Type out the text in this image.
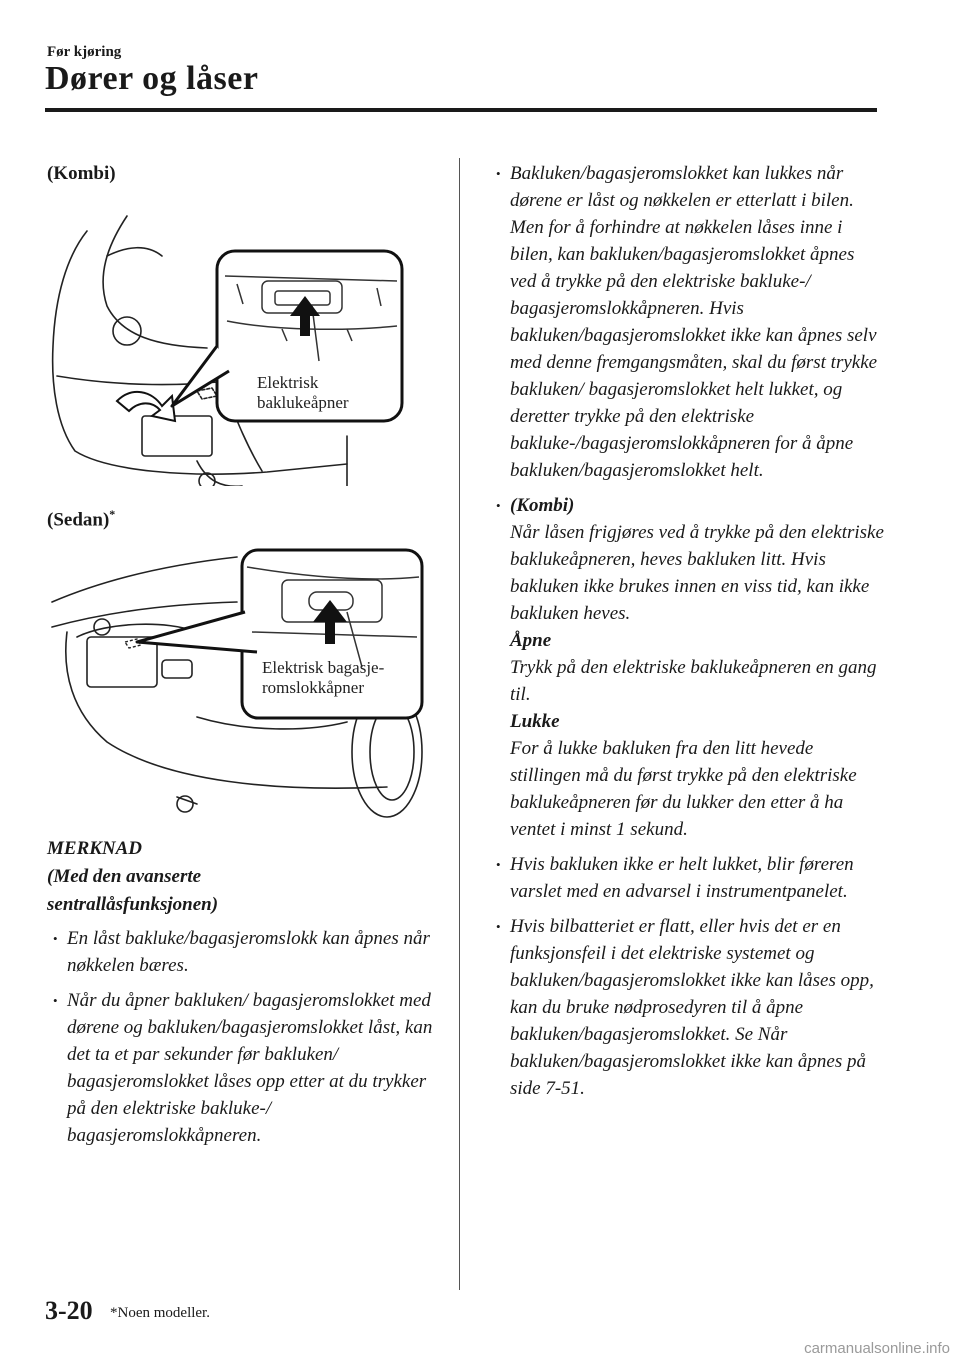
Før kjøring
Dører og låser
(Kombi)
Elektrisk
baklukeåpner
(Sedan)*
Elektrisk bagasje-
romslokkåpner
MERKNAD
(Med den avanserte
sentrallåsfunksjonen)
• En låst bakluke/bagasjeromslokk kan åpnes når nøkkelen bæres.
• Når du åpner bakluken/ bagasjeromslokket med dørene og bakluken/bagasjeromslokket låst, kan det ta et par sekunder før bakluken/ bagasjeromslokket låses opp etter at du trykker på den elektriske bakluke-/ bagasjeromslokkåpneren.
• Bakluken/bagasjeromslokket kan lukkes når dørene er låst og nøkkelen er etterlatt i bilen. Men for å forhindre at nøkkelen låses inne i bilen, kan bakluken/bagasjeromslokket åpnes ved å trykke på den elektriske bakluke-/ bagasjeromslokkåpneren. Hvis bakluken/bagasjeromslokket ikke kan åpnes selv med denne fremgangsmåten, skal du først trykke bakluken/ bagasjeromslokket helt lukket, og deretter trykke på den elektriske bakluke-/bagasjeromslokkåpneren for å åpne bakluken/bagasjeromslokket helt.
• (Kombi)
Når låsen frigjøres ved å trykke på den elektriske baklukeåpneren, heves bakluken litt. Hvis bakluken ikke brukes innen en viss tid, kan ikke bakluken heves.
Åpne
Trykk på den elektriske baklukeåpneren en gang til.
Lukke
For å lukke bakluken fra den litt hevede stillingen må du først trykke på den elektriske baklukeåpneren før du lukker den etter å ha ventet i minst 1 sekund.
• Hvis bakluken ikke er helt lukket, blir føreren varslet med en advarsel i instrumentpanelet.
• Hvis bilbatteriet er flatt, eller hvis det er en funksjonsfeil i det elektriske systemet og bakluken/bagasjeromslokket ikke kan låses opp, kan du bruke nødprosedyren til å åpne bakluken/bagasjeromslokket. Se Når bakluken/bagasjeromslokket ikke kan åpnes på side 7-51.
3-20 *Noen modeller.
carmanualsonline.info
